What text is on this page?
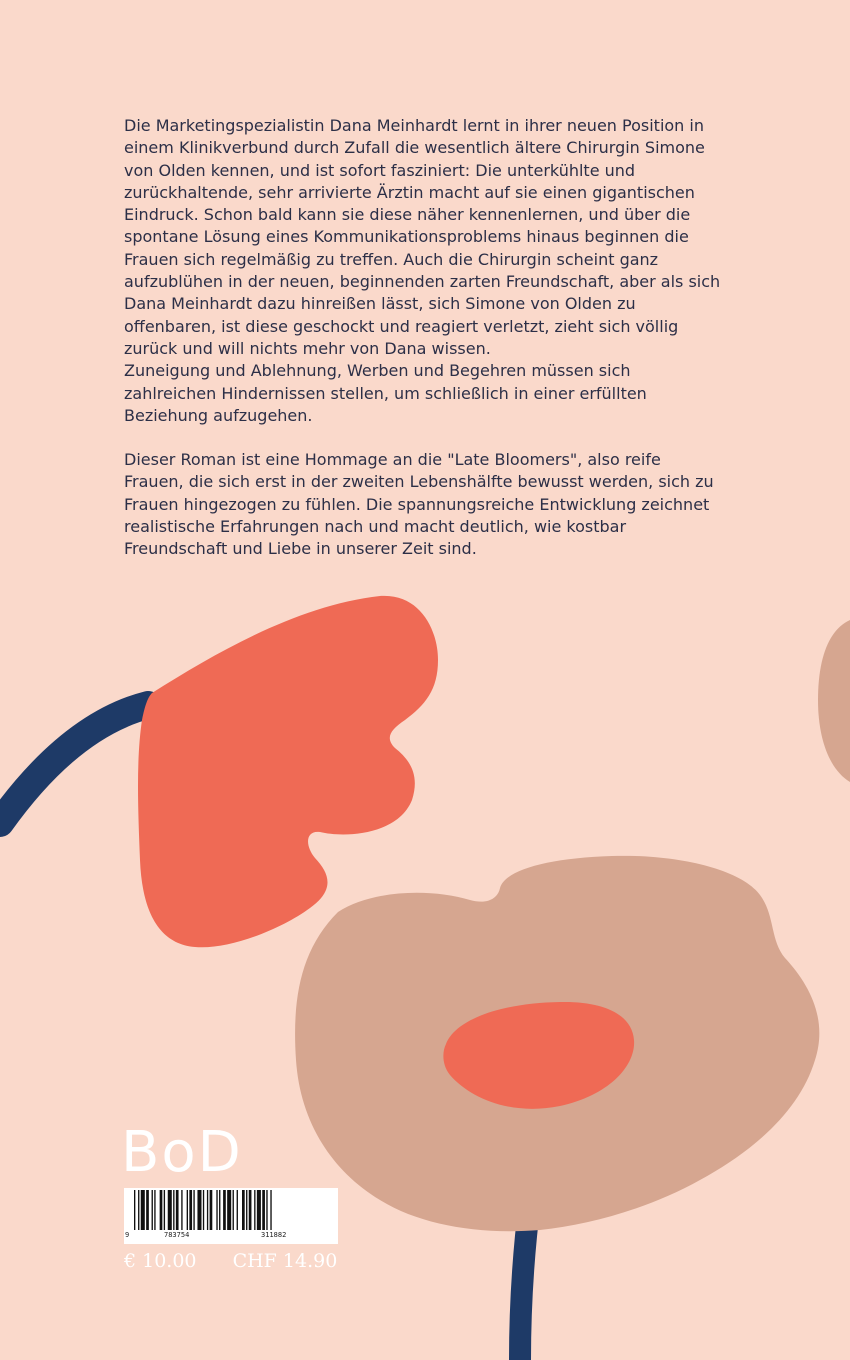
Die Marketingspezialistin Dana Meinhardt lernt in ihrer neuen Position in einem Klinikverbund durch Zufall die wesentlich ältere Chirurgin Simone von Olden kennen, und ist sofort fasziniert: Die unterkühlte und zurückhaltende, sehr arrivierte Ärztin macht auf sie einen gigantischen Eindruck. Schon bald kann sie diese näher kennenlernen, und über die spontane Lösung eines Kommunikationsproblems hinaus beginnen die Frauen sich regelmäßig zu treffen. Auch die Chirurgin scheint ganz aufzublühen in der neuen, beginnenden zarten Freundschaft, aber als sich Dana Meinhardt dazu hinreißen lässt, sich Simone von Olden zu offenbaren, ist diese geschockt und reagiert verletzt, zieht sich völlig zurück und will nichts mehr von Dana wissen.

Zuneigung und Ablehnung, Werben und Begehren müssen sich zahlreichen Hindernissen stellen, um schließlich in einer erfüllten Beziehung aufzugehen.

Dieser Roman ist eine Hommage an die "Late Bloomers", also reife Frauen, die sich erst in der zweiten Lebenshälfte bewusst werden, sich zu Frauen hingezogen zu fühlen. Die spannungsreiche Entwicklung zeichnet realistische Erfahrungen nach und macht deutlich, wie kostbar Freundschaft und Liebe in unserer Zeit sind.

BoD
9	783754	311882
€ 10.00 CHF 14.90
